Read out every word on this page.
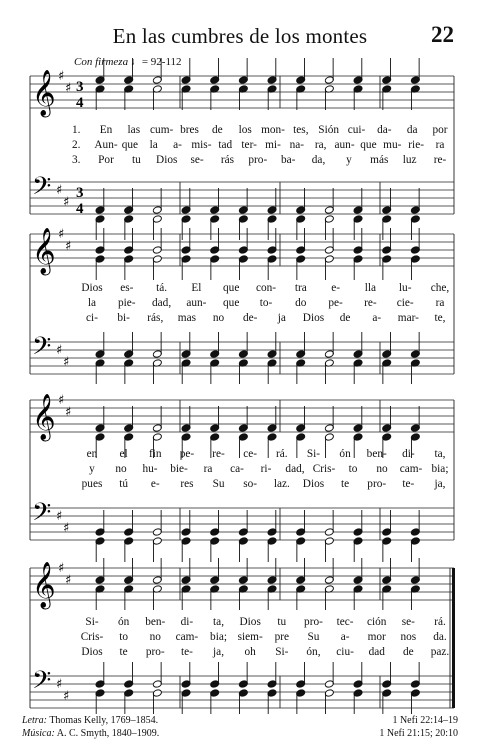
En las cumbres de los montes	22
Con firmeza ♩= 92-112
𝄞 ♯
♯ 3
4
𝄢 ♯
♯
3
4
1. En las cum- bres de los mon- tes, Sión cui- da- da por
2. Aun- que la a- mis- tad ter- mi- na- ra, aun- que mu- rie- ra
3. Por tu Dios se- rás pro- ba- da, y más luz re-
𝄞 ♯
♯
𝄢 ♯
♯
Dios es- tá. El que con- tra e- lla lu- che,
la pie- dad, aun- que to- do pe- re- cie- ra
ci- bi- rás, mas no de- ja Dios de a- mar- te,
𝄞 ♯
♯
𝄢 ♯
♯
en el fin pe- re- ce- rá. Si- ón ben- di- ta,
y no hu- bie- ra ca- ri- dad, Cris- to no cam- bia;
pues tú e- res Su so- laz. Dios te pro- te- ja,
𝄞 ♯
♯
𝄢 ♯
♯
Si- ón ben- di- ta, Dios tu pro- tec- ción se- rá.
Cris- to no cam- bia; siem- pre Su a- mor nos da.
Dios te pro- te- ja, oh Si- ón, ciu- dad de paz.
Letra: Thomas Kelly, 1769–1854.
Música: A. C. Smyth, 1840–1909.
1 Nefi 22:14–19
1 Nefi 21:15; 20:10
